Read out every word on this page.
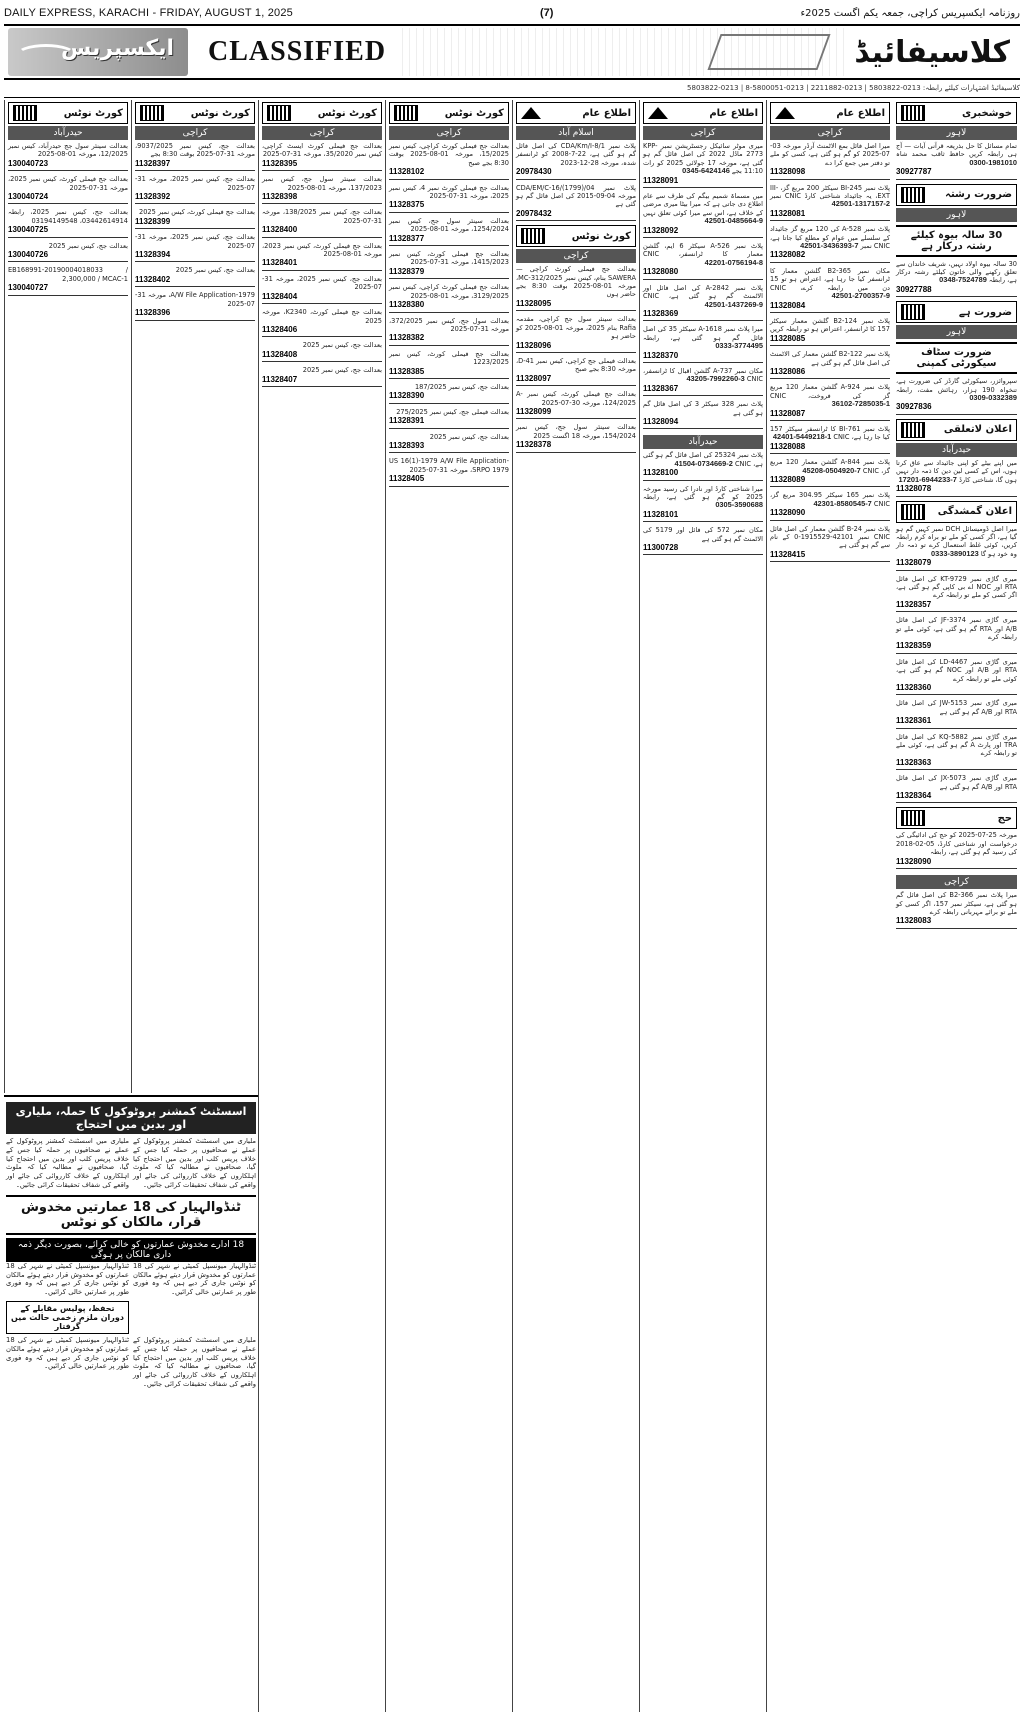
DAILY EXPRESS, KARACHI - FRIDAY, AUGUST 1, 2025	(7)	روزنامہ ایکسپریس کراچی، جمعہ یکم اگست 2025ء
ایکسپریس CLASSIFIED	کلاسیفائیڈ
کلاسیفائیڈ اشتہارات کیلئے رابطہ: 0213-5803822 | 0213-2211882 | 0213-5800051-8 | 0213-5803822
خوشخبری
لاہور
تمام مسائل کا حل بذریعہ قرآنی آیات — آج ہی رابطہ کریں حافظ ثاقب محمد شاہ 0300-1981010
30927787
ضرورت رشتہ
لاہور
30 سالہ بیوہ کیلئے رشتہ درکار ہے
30 سالہ بیوہ اولاد نہیں، شریف خاندان سے تعلق رکھنے والی خاتون کیلئے رشتہ درکار ہے، رابطہ 0348-7524789
30927788
ضرورت ہے
لاہور
ضرورت سٹاف سیکورٹی کمپنی
سپروائزر، سیکورٹی گارڈز کی ضرورت ہے، تنخواہ 190 ہزار، رہائش مفت، رابطہ 0309-0332389
30927836
اعلان لاتعلقی
حیدرآباد
میں اپنے بیٹے کو اپنی جائیداد سے عاق کرتا ہوں، اس کے کسی لین دین کا ذمہ دار نہیں ہوں گا، شناختی کارڈ 17201-6944233-7
11328078
اعلان گمشدگی
میرا اصل ڈومیسائل DCH نمبر کہیں گم ہو گیا ہے، اگر کسی کو ملے تو براہ کرم رابطہ کریں، کوئی غلط استعمال کرے تو ذمہ دار وہ خود ہو گا 0333-3890123
11328079
میری گاڑی نمبر KT-9729 کی اصل فائل RTA اور NOC اے بی کاپی گم ہو گئی ہے، اگر کسی کو ملے تو رابطہ کرے
11328357
میری گاڑی نمبر JF-3374 کی اصل فائل A/B اور RTA گم ہو گئی ہے، کوئی ملے تو رابطہ کرے
11328359
میری گاڑی نمبر LD-4467 کی اصل فائل RTA اور A/B اور NOC گم ہو گئی ہے، کوئی ملے تو رابطہ کرے
11328360
میری گاڑی نمبر JW-5153 کی اصل فائل RTA اور A/B گم ہو گئی ہے
11328361
میری گاڑی نمبر KQ-5882 کی اصل فائل TRA اور پارٹ A گم ہو گئی ہے، کوئی ملے تو رابطہ کرے
11328363
میری گاڑی نمبر JX-5073 کی اصل فائل RTA اور A/B گم ہو گئی ہے
11328364
حج
مورخہ 25-07-2025 کو حج کی ادائیگی کی درخواست اور شناختی کارڈ، 05-02-2018 کی رسید گم ہو گئی ہے، رابطہ
11328090
کراچی
میرا پلاٹ نمبر B2-366 کی اصل فائل گم ہو گئی ہے، سیکٹر نمبر 157، اگر کسی کو ملے تو برائے مہربانی رابطہ کرے
11328083
اطلاع عام
کراچی
میرا اصل فائل بمع الاٹمنٹ آرڈر مورخہ 03-07-2025 کو گم ہو گئی ہے، کسی کو ملے تو دفتر میں جمع کرا دے
11328098
پلاٹ نمبر BI-245 سیکٹر 200 مربع گز، III-EXT، یہ جائیداد شناختی کارڈ CNIC نمبر 42501-1317157-2
11328081
پلاٹ نمبر A-528 کی 120 مربع گز جائیداد کے سلسلے میں عوام کو مطلع کیا جاتا ہے، CNIC نمبر 42501-3436393-7
11328082
مکان نمبر B2-365 گلشن معمار کا ٹرانسفر کیا جا رہا ہے، اعتراض ہو تو 15 دن میں رابطہ کرے، CNIC 42501-2700357-9
11328084
پلاٹ نمبر B2-124 گلشن معمار سیکٹر 157 کا ٹرانسفر، اعتراض ہو تو رابطہ کریں
11328085
پلاٹ نمبر B2-122 گلشن معمار کی الاٹمنٹ کی اصل فائل گم ہو گئی ہے
11328086
پلاٹ نمبر A-924 گلشن معمار 120 مربع گز کی فروخت، CNIC 36102-7285035-1
11328087
پلاٹ نمبر BI-761 کا ٹرانسفر سیکٹر 157 کیا جا رہا ہے، CNIC 42401-5449218-1
11328088
پلاٹ نمبر A-844 گلشن معمار 120 مربع گز، CNIC 45208-0504920-7
11328089
پلاٹ نمبر 165 سیکٹر 304.95 مربع گز، CNIC 42301-8580545-7
11328090
پلاٹ نمبر B-24 گلشن معمار کی اصل فائل CNIC نمبر 42101-1915529-0 کے نام سے گم ہو گئی ہے
11328415
اطلاع عام
کراچی
میری موٹر سائیکل رجسٹریشن نمبر KPP-2773 ماڈل 2022 کی اصل فائل گم ہو گئی ہے، مورخہ 17 جولائی 2025 کو رات 11:10 بجے 0345-6424146
11328091
میں مسماۃ شمیم بیگم کی طرف سے عام اطلاع دی جاتی ہے کہ میرا بیٹا میری مرضی کے خلاف ہے، اس سے میرا کوئی تعلق نہیں 42501-0485664-9
11328092
پلاٹ نمبر A-526 سیکٹر 6 ایم، گلشن معمار کا ٹرانسفر، CNIC 42201-0756194-8
11328080
پلاٹ نمبر A-2842 کی اصل فائل اور الاٹمنٹ گم ہو گئی ہے، CNIC 42501-1437269-9
11328369
میرا پلاٹ نمبر A-1618 سیکٹر 35 کی اصل فائل گم ہو گئی ہے، رابطہ 0333-3774495
11328370
مکان نمبر A-737 گلشن اقبال کا ٹرانسفر، CNIC 43205-7992260-3
11328367
پلاٹ نمبر 328 سیکٹر 3 کی اصل فائل گم ہو گئی ہے
11328094
حیدرآباد
پلاٹ نمبر 25324 کی اصل فائل گم ہو گئی ہے، CNIC 41504-0734669-2
11328100
میرا شناختی کارڈ اور نادرا کی رسید مورخہ 2025 کو گم ہو گئی ہے، رابطہ 0305-3590688
11328101
مکان نمبر 572 کی فائل اور 5179 کی الاٹمنٹ گم ہو گئی ہے
11300728
اطلاع عام
اسلام آباد
پلاٹ نمبر CDA/Km/I-8/1 کی اصل فائل گم ہو گئی ہے، 22-7-2008 کو ٹرانسفر شدہ، مورخہ 28-12-2023
20978430
پلاٹ نمبر CDA/EM/C-16/(1799)/04 مورخہ 04-09-2015 کی اصل فائل گم ہو گئی ہے
20978432
کورٹ نوٹس
کراچی
بعدالت جج فیملی کورٹ کراچی — SAWERA بنام، کیس نمبر MC-312/2025، مورخہ 01-08-2025 بوقت 8:30 بجے حاضر ہوں
11328095
بعدالت سینئر سول جج کراچی، مقدمہ Rafia بنام 2025، مورخہ 01-08-2025 کو حاضر ہو
11328096
بعدالت فیملی جج کراچی، کیس نمبر D-41، مورخہ 8:30 بجے صبح
11328097
بعدالت جج فیملی کورٹ، کیس نمبر A-124/2025، مورخہ 30-07-2025
11328099
بعدالت سینئر سول جج، کیس نمبر 154/2024، مورخہ 18 اگست 2025
11328378
کورٹ نوٹس
کراچی
بعدالت جج فیملی کورٹ کراچی، کیس نمبر 15/2025، مورخہ 01-08-2025 بوقت 8:30 بجے صبح
11328102
بعدالت جج فیملی کورٹ نمبر 4، کیس نمبر 2025، مورخہ 31-07-2025
11328375
بعدالت سینئر سول جج، کیس نمبر 1254/2024، مورخہ 01-08-2025
11328377
بعدالت جج فیملی کورٹ، کیس نمبر 1415/2023، مورخہ 31-07-2025
11328379
بعدالت جج فیملی کورٹ کراچی، کیس نمبر 3129/2025، مورخہ 01-08-2025
11328380
بعدالت سول جج، کیس نمبر 372/2025، مورخہ 31-07-2025
11328382
بعدالت جج فیملی کورٹ، کیس نمبر 1223/2025
11328385
بعدالت جج، کیس نمبر 187/2025
11328390
بعدالت فیملی جج، کیس نمبر 275/2025
11328391
بعدالت جج، کیس نمبر 2025
11328393
US 16(1)-1979 A/W File Application-SRPO 1979، مورخہ 31-07-2025
11328405
کورٹ نوٹس
کراچی
بعدالت جج فیملی کورٹ ایسٹ کراچی، کیس نمبر 35/2020، مورخہ 31-07-2025
11328395
بعدالت سینئر سول جج، کیس نمبر 137/2023، مورخہ 01-08-2025
11328398
بعدالت جج، کیس نمبر 138/2025، مورخہ 31-07-2025
11328400
بعدالت جج فیملی کورٹ، کیس نمبر 2023، مورخہ 01-08-2025
11328401
بعدالت جج، کیس نمبر 2025، مورخہ 31-07-2025
11328404
بعدالت جج فیملی کورٹ، K2340، مورخہ 2025
11328406
بعدالت جج، کیس نمبر 2025
11328408
بعدالت جج، کیس نمبر 2025
11328407
کورٹ نوٹس
کراچی
بعدالت جج، کیس نمبر 9037/2025، مورخہ 31-07-2025 بوقت 8:30 بجے
11328397
بعدالت جج، کیس نمبر 2025، مورخہ 31-07-2025
11328392
بعدالت جج فیملی کورٹ، کیس نمبر 2025
11328399
بعدالت جج، کیس نمبر 2025، مورخہ 31-07-2025
11328394
بعدالت جج، کیس نمبر 2025
11328402
A/W File Application-1979، مورخہ 31-07-2025
11328396
کورٹ نوٹس
حیدرآباد
بعدالت سینئر سول جج حیدرآباد، کیس نمبر 12/2025، مورخہ 01-08-2025
130040723
بعدالت جج فیملی کورٹ، کیس نمبر 2025، مورخہ 31-07-2025
130040724
بعدالت جج، کیس نمبر 2025، رابطہ 03442614914، 03194149548
130040725
بعدالت جج، کیس نمبر 2025
130040726
EB168991-20190004018033 / 2,300,000 / MCAC-1
130040727
اسسٹنٹ کمشنر پروٹوکول کا حملہ، ملیاری اور بدین میں احتجاج
ملیاری میں اسسٹنٹ کمشنر پروٹوکول کے عملے نے صحافیوں پر حملہ کیا جس کے خلاف پریس کلب اور بدین میں احتجاج کیا گیا، صحافیوں نے مطالبہ کیا کہ ملوث اہلکاروں کے خلاف کارروائی کی جائے اور واقعے کی شفاف تحقیقات کرائی جائیں۔
ملیاری میں اسسٹنٹ کمشنر پروٹوکول کے عملے نے صحافیوں پر حملہ کیا جس کے خلاف پریس کلب اور بدین میں احتجاج کیا گیا، صحافیوں نے مطالبہ کیا کہ ملوث اہلکاروں کے خلاف کارروائی کی جائے اور واقعے کی شفاف تحقیقات کرائی جائیں۔
ٹنڈوالہیار کی 18 عمارتیں مخدوش قرار، مالکان کو نوٹس
18 ادارے مخدوش عمارتوں کو خالی کرائے، بصورت دیگر ذمہ داری مالکان پر ہوگی
ٹنڈوالہیار میونسپل کمیٹی نے شہر کی 18 عمارتوں کو مخدوش قرار دیتے ہوئے مالکان کو نوٹس جاری کر دیے ہیں کہ وہ فوری طور پر عمارتیں خالی کرائیں۔
ٹنڈوالہیار میونسپل کمیٹی نے شہر کی 18 عمارتوں کو مخدوش قرار دیتے ہوئے مالکان کو نوٹس جاری کر دیے ہیں کہ وہ فوری طور پر عمارتیں خالی کرائیں۔
تحفظ، پولیس مقابلے کے دوران ملزم زخمی حالت میں گرفتار
ملیاری میں اسسٹنٹ کمشنر پروٹوکول کے عملے نے صحافیوں پر حملہ کیا جس کے خلاف پریس کلب اور بدین میں احتجاج کیا گیا، صحافیوں نے مطالبہ کیا کہ ملوث اہلکاروں کے خلاف کارروائی کی جائے اور واقعے کی شفاف تحقیقات کرائی جائیں۔
ٹنڈوالہیار میونسپل کمیٹی نے شہر کی 18 عمارتوں کو مخدوش قرار دیتے ہوئے مالکان کو نوٹس جاری کر دیے ہیں کہ وہ فوری طور پر عمارتیں خالی کرائیں۔
